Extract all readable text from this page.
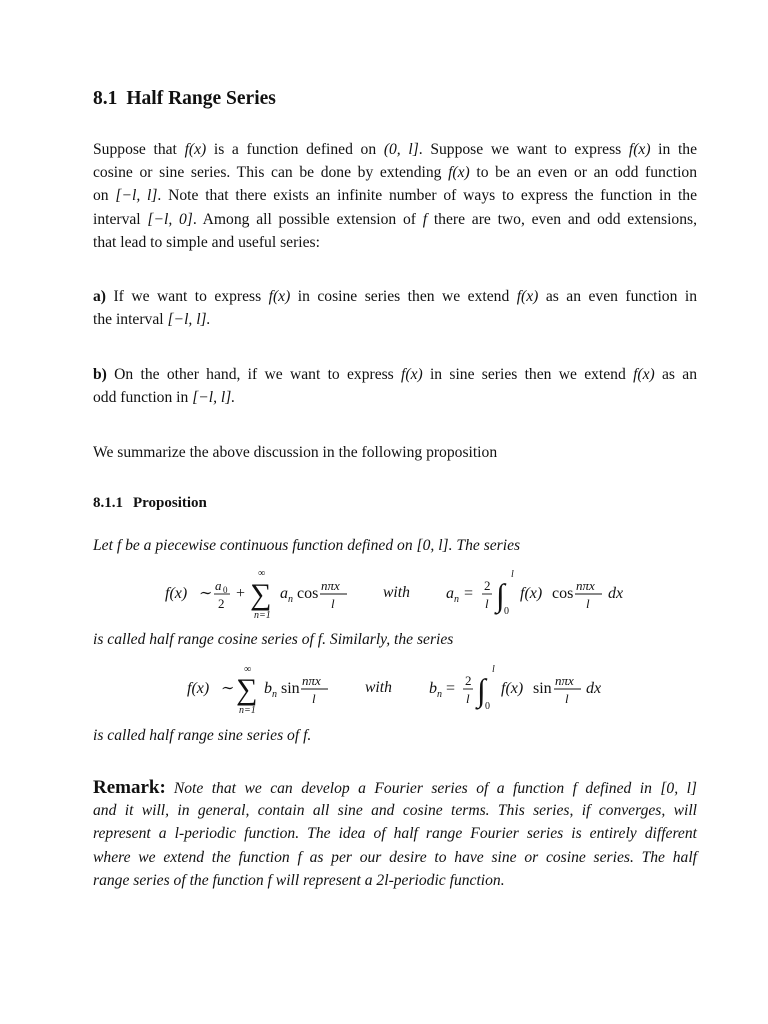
8.1 Half Range Series
Suppose that f(x) is a function defined on (0, l]. Suppose we want to express f(x) in the
cosine or sine series. This can be done by extending f(x) to be an even or an odd function
on [−l, l]. Note that there exists an infinite number of ways to express the function in the
interval [−l, 0]. Among all possible extension of f there are two, even and odd extensions,
that lead to simple and useful series:
a) If we want to express f(x) in cosine series then we extend f(x) as an even function in
the interval [−l, l].
b) On the other hand, if we want to express f(x) in sine series then we extend f(x) as an
odd function in [−l, l].
We summarize the above discussion in the following proposition
8.1.1 Proposition
Let f be a piecewise continuous function defined on [0, l]. The series
f(x) ∼ a 0
2
+
∞
∑
n=1
a n cos nπx
l
with a n = 2
l ∫
l
0
f(x) cos nπx
l
dx
is called half range cosine series of f. Similarly, the series
f(x) ∼
∞
∑
n=1
b n sin nπx
l
with b n = 2
l ∫
l
0
f(x) sin nπx
l
dx
is called half range sine series of f.
Remark: Note that we can develop a Fourier series of a function f defined in [0, l]
and it will, in general, contain all sine and cosine terms. This series, if converges, will
represent a l-periodic function. The idea of half range Fourier series is entirely different
where we extend the function f as per our desire to have sine or cosine series. The half
range series of the function f will represent a 2l-periodic function.
